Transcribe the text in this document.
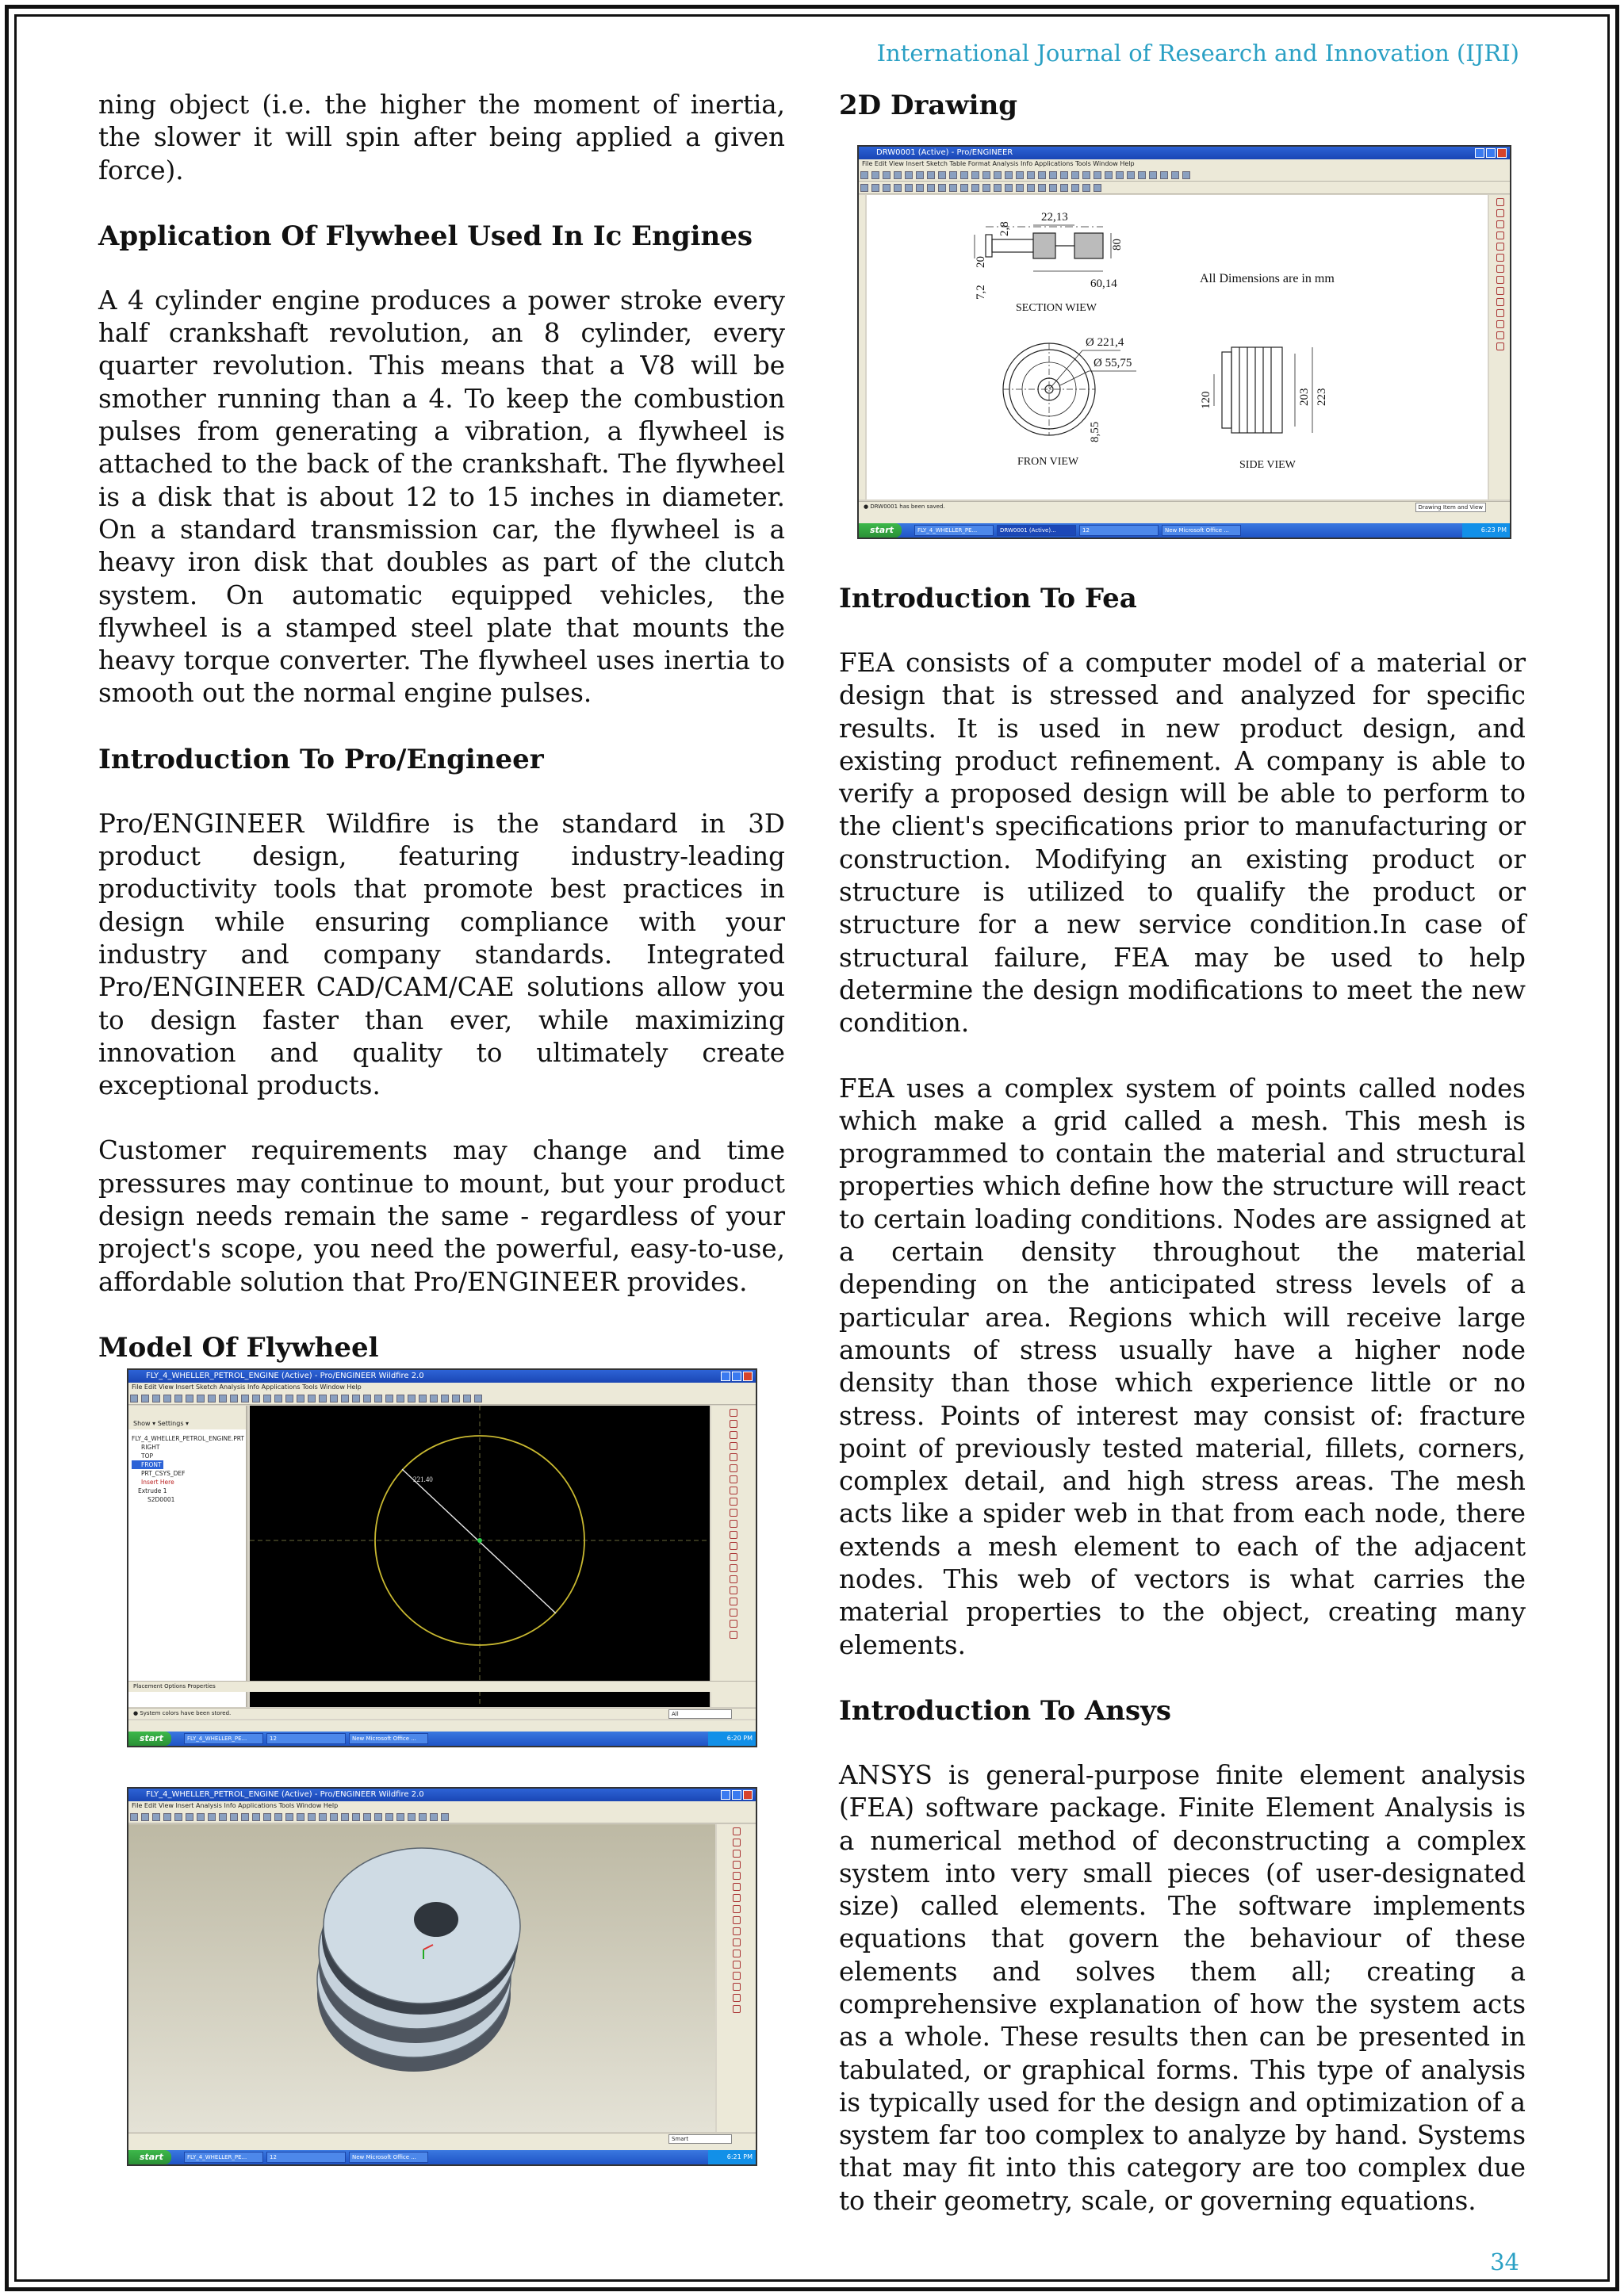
International Journal of Research and Innovation (IJRI)

ning object (i.e. the higher the moment of inertia, the slower it will spin after being applied a given force).

Application Of Flywheel Used In Ic Engines

A 4 cylinder engine produces a power stroke every half crankshaft revolution, an 8 cylinder, every quarter revolution. This means that a V8 will be smother running than a 4. To keep the combustion pulses from generating a vibration, a flywheel is attached to the back of the crankshaft. The flywheel is a disk that is about 12 to 15 inches in diameter. On a standard transmission car, the flywheel is a heavy iron disk that doubles as part of the clutch system. On automatic equipped vehicles, the flywheel is a stamped steel plate that mounts the heavy torque converter. The flywheel uses inertia to smooth out the normal engine pulses.

Introduction To Pro/Engineer

Pro/ENGINEER Wildfire is the standard in 3D product design, featuring industry-leading productivity tools that promote best practices in design while ensuring compliance with your industry and company standards. Integrated Pro/ENGINEER CAD/CAM/CAE solutions allow you to design faster than ever, while maximizing innovation and quality to ultimately create exceptional products.

Customer requirements may change and time pressures may continue to mount, but your product design needs remain the same - regardless of your project's scope, you need the powerful, easy-to-use, affordable solution that Pro/ENGINEER provides.

Model Of Flywheel
2D Drawing
Introduction To Fea

FEA consists of a computer model of a material or design that is stressed and analyzed for specific results. It is used in new product design, and existing product refinement. A company is able to verify a proposed design will be able to perform to the client's specifications prior to manufacturing or construction. Modifying an existing product or structure is utilized to qualify the product or structure for a new service condition.In case of structural failure, FEA may be used to help determine the design modifications to meet the new condition.

FEA uses a complex system of points called nodes which make a grid called a mesh. This mesh is programmed to contain the material and structural properties which define how the structure will react to certain loading conditions. Nodes are assigned at a certain density throughout the material depending on the anticipated stress levels of a particular area. Regions which will receive large amounts of stress usually have a higher node density than those which experience little or no stress. Points of interest may consist of: fracture point of previously tested material, fillets, corners, complex detail, and high stress areas. The mesh acts like a spider web in that from each node, there extends a mesh element to each of the adjacent nodes. This web of vectors is what carries the material properties to the object, creating many elements.

Introduction To Ansys

ANSYS is general-purpose finite element analysis (FEA) software package. Finite Element Analysis is a numerical method of deconstructing a complex system into very small pieces (of user-designated size) called elements. The software implements equations that govern the behaviour of these elements and solves them all; creating a comprehensive explanation of how the system acts as a whole. These results then can be presented in tabulated, or graphical forms. This type of analysis is typically used for the design and optimization of a system far too complex to analyze by hand. Systems that may fit into this category are too complex due to their geometry, scale, or governing equations.

DRW0001 (Active) - Pro/ENGINEER
File Edit View Insert Sketch Table Format Analysis Info Applications Tools Window Help
22,13
2,8
80
20
7,2
60,14
SECTION WIEW
All Dimensions are in mm
Ø 221,4
Ø 55,75
8,55
FRON VIEW
120	203 223
SIDE VIEW
● DRW0001 has been saved.	Drawing Item and View
start	FLY_4_WHELLER_PE...	DRW0001 (Active)...	12	New Microsoft Office ...	6:23 PM
FLY_4_WHELLER_PETROL_ENGINE (Active) - Pro/ENGINEER Wildfire 2.0
File Edit View Insert Sketch Analysis Info Applications Tools Window Help
Show ▾ Settings ▾
FLY_4_WHELLER_PETROL_ENGINE.PRT
RIGHT
TOP
FRONT
PRT_CSYS_DEF
Insert Here
Extrude 1
S2D0001
221.40
Placement Options Properties
● System colors have been stored.	All
start	FLY_4_WHELLER_PE...	12	New Microsoft Office ...	6:20 PM
FLY_4_WHELLER_PETROL_ENGINE (Active) - Pro/ENGINEER Wildfire 2.0
File Edit View Insert Analysis Info Applications Tools Window Help
Smart
start	FLY_4_WHELLER_PE...	12	New Microsoft Office ...	6:21 PM
34
